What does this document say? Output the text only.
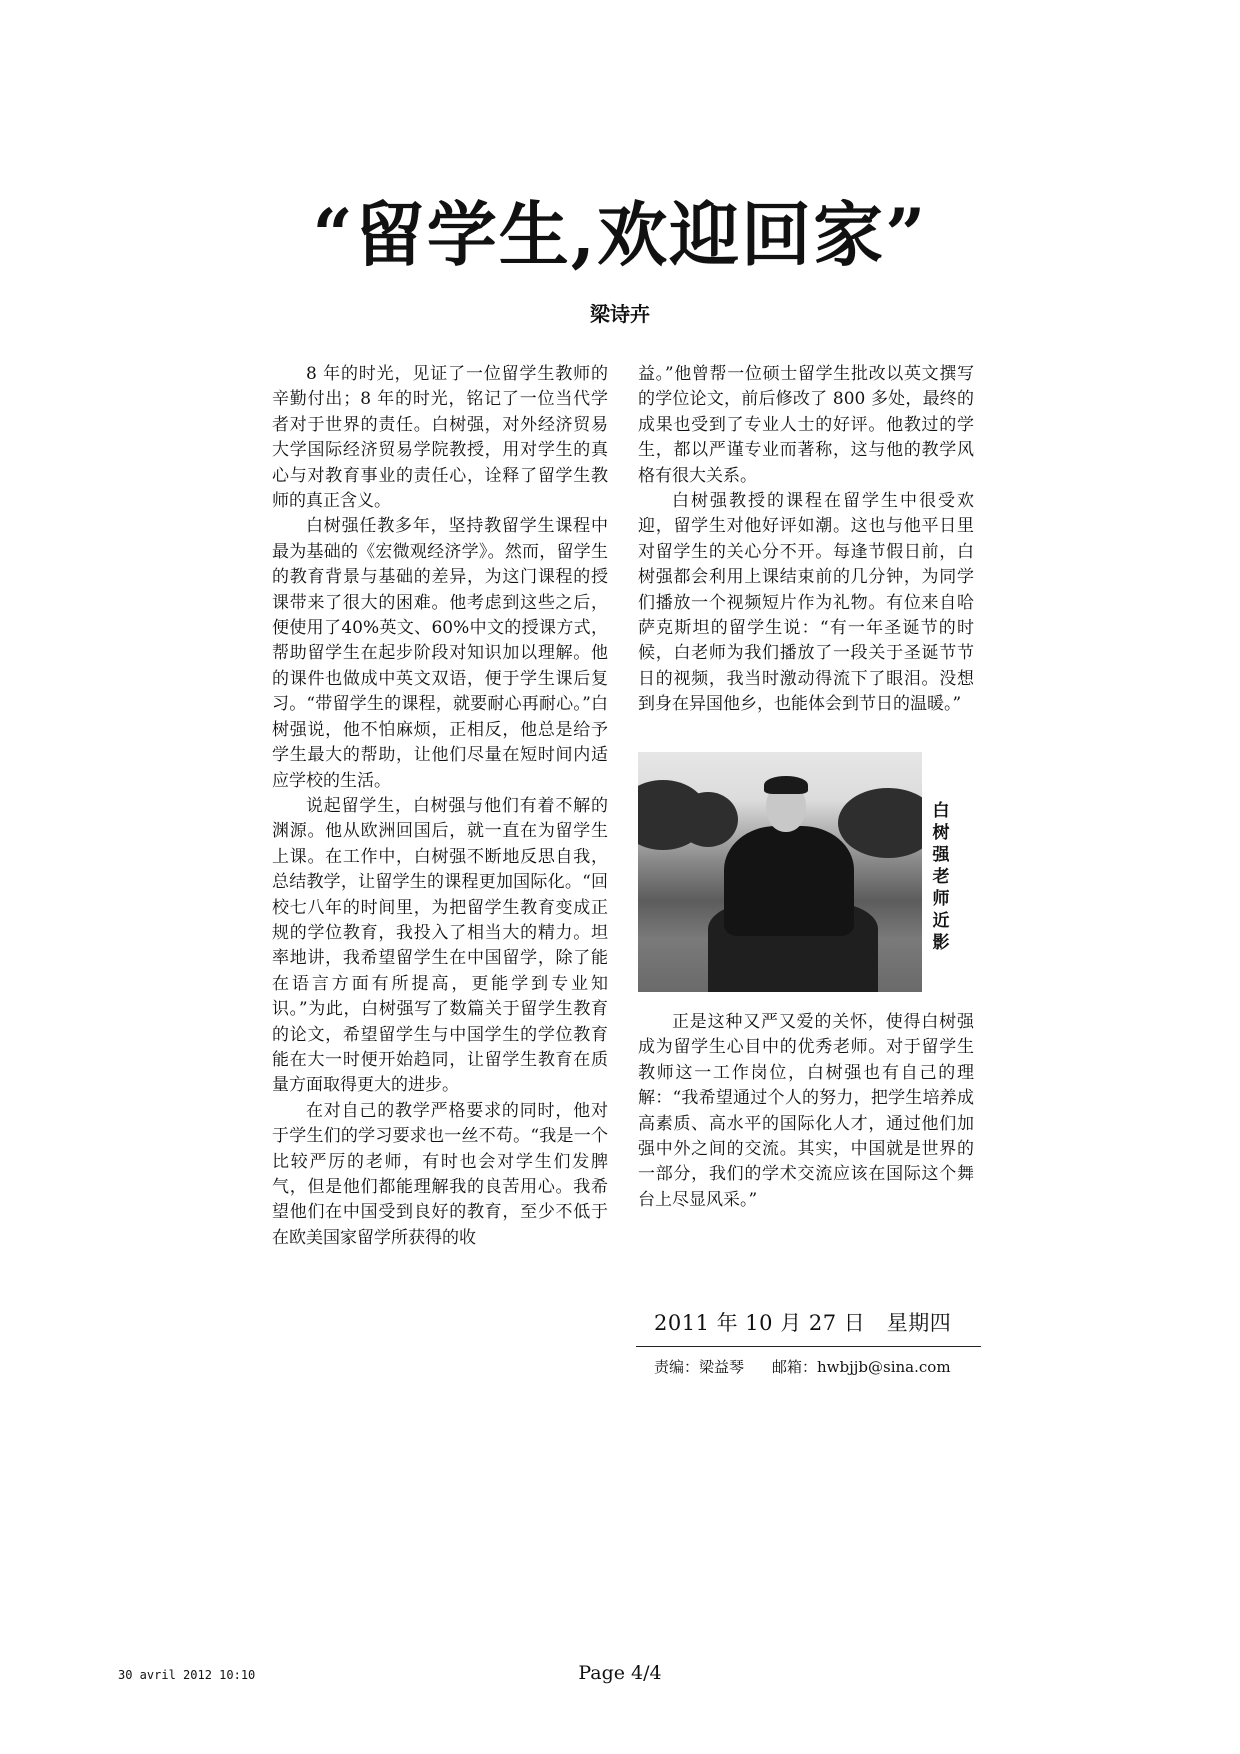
“留学生,欢迎回家”
梁诗卉

8 年的时光，见证了一位留学生教师的辛勤付出；8 年的时光，铭记了一位当代学者对于世界的责任。白树强，对外经济贸易大学国际经济贸易学院教授，用对学生的真心与对教育事业的责任心，诠释了留学生教师的真正含义。

白树强任教多年，坚持教留学生课程中最为基础的《宏微观经济学》。然而，留学生的教育背景与基础的差异，为这门课程的授课带来了很大的困难。他考虑到这些之后，便使用了40%英文、60%中文的授课方式，帮助留学生在起步阶段对知识加以理解。他的课件也做成中英文双语，便于学生课后复习。“带留学生的课程，就要耐心再耐心。”白树强说，他不怕麻烦，正相反，他总是给予学生最大的帮助，让他们尽量在短时间内适应学校的生活。

说起留学生，白树强与他们有着不解的渊源。他从欧洲回国后，就一直在为留学生上课。在工作中，白树强不断地反思自我，总结教学，让留学生的课程更加国际化。“回校七八年的时间里，为把留学生教育变成正规的学位教育，我投入了相当大的精力。坦率地讲，我希望留学生在中国留学，除了能在语言方面有所提高，更能学到专业知识。”为此，白树强写了数篇关于留学生教育的论文，希望留学生与中国学生的学位教育能在大一时便开始趋同，让留学生教育在质量方面取得更大的进步。

在对自己的教学严格要求的同时，他对于学生们的学习要求也一丝不苟。“我是一个比较严厉的老师，有时也会对学生们发脾气，但是他们都能理解我的良苦用心。我希望他们在中国受到良好的教育，至少不低于在欧美国家留学所获得的收

益。”他曾帮一位硕士留学生批改以英文撰写的学位论文，前后修改了 800 多处，最终的成果也受到了专业人士的好评。他教过的学生，都以严谨专业而著称，这与他的教学风格有很大关系。

白树强教授的课程在留学生中很受欢迎，留学生对他好评如潮。这也与他平日里对留学生的关心分不开。每逢节假日前，白树强都会利用上课结束前的几分钟，为同学们播放一个视频短片作为礼物。有位来自哈萨克斯坦的留学生说：“有一年圣诞节的时候，白老师为我们播放了一段关于圣诞节节日的视频，我当时激动得流下了眼泪。没想到身在异国他乡，也能体会到节日的温暖。”

白树强老师近影

正是这种又严又爱的关怀，使得白树强成为留学生心目中的优秀老师。对于留学生教师这一工作岗位，白树强也有自己的理解：“我希望通过个人的努力，把学生培养成高素质、高水平的国际化人才，通过他们加强中外之间的交流。其实，中国就是世界的一部分，我们的学术交流应该在国际这个舞台上尽显风采。”

2011 年 10 月 27 日　星期四
责编：梁益琴 邮箱：hwbjjb@sina.com
30 avril 2012 10:10	Page 4/4
